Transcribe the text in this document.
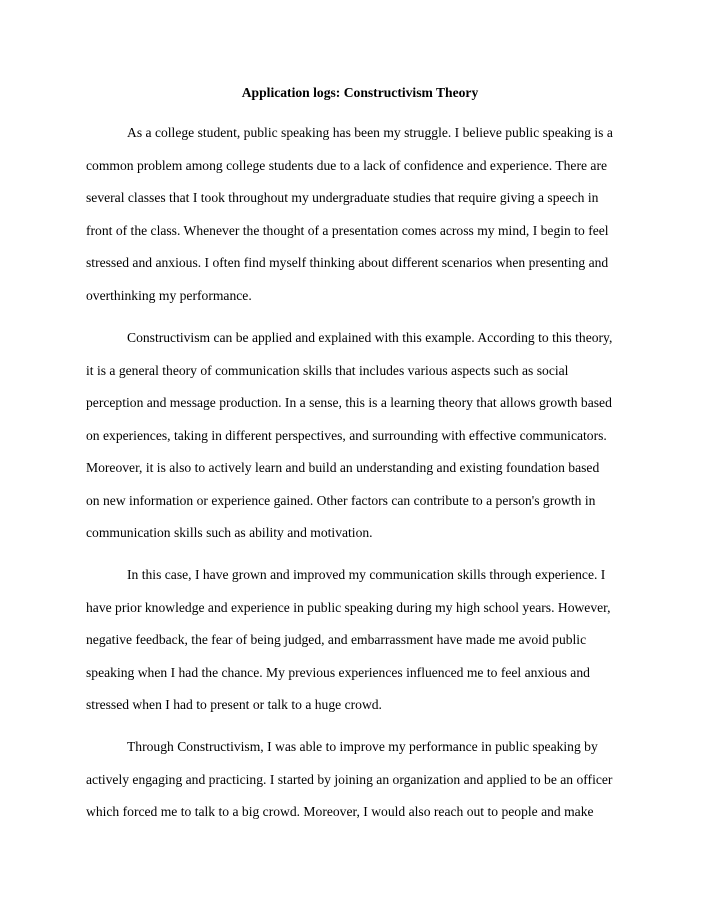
Application logs: Constructivism Theory

As a college student, public speaking has been my struggle. I believe public speaking is a
common problem among college students due to a lack of confidence and experience. There are
several classes that I took throughout my undergraduate studies that require giving a speech in
front of the class. Whenever the thought of a presentation comes across my mind, I begin to feel
stressed and anxious. I often find myself thinking about different scenarios when presenting and
overthinking my performance.

Constructivism can be applied and explained with this example. According to this theory,
it is a general theory of communication skills that includes various aspects such as social
perception and message production. In a sense, this is a learning theory that allows growth based
on experiences, taking in different perspectives, and surrounding with effective communicators.
Moreover, it is also to actively learn and build an understanding and existing foundation based
on new information or experience gained. Other factors can contribute to a person's growth in
communication skills such as ability and motivation.

In this case, I have grown and improved my communication skills through experience. I
have prior knowledge and experience in public speaking during my high school years. However,
negative feedback, the fear of being judged, and embarrassment have made me avoid public
speaking when I had the chance. My previous experiences influenced me to feel anxious and
stressed when I had to present or talk to a huge crowd.

Through Constructivism, I was able to improve my performance in public speaking by
actively engaging and practicing. I started by joining an organization and applied to be an officer
which forced me to talk to a big crowd. Moreover, I would also reach out to people and make
